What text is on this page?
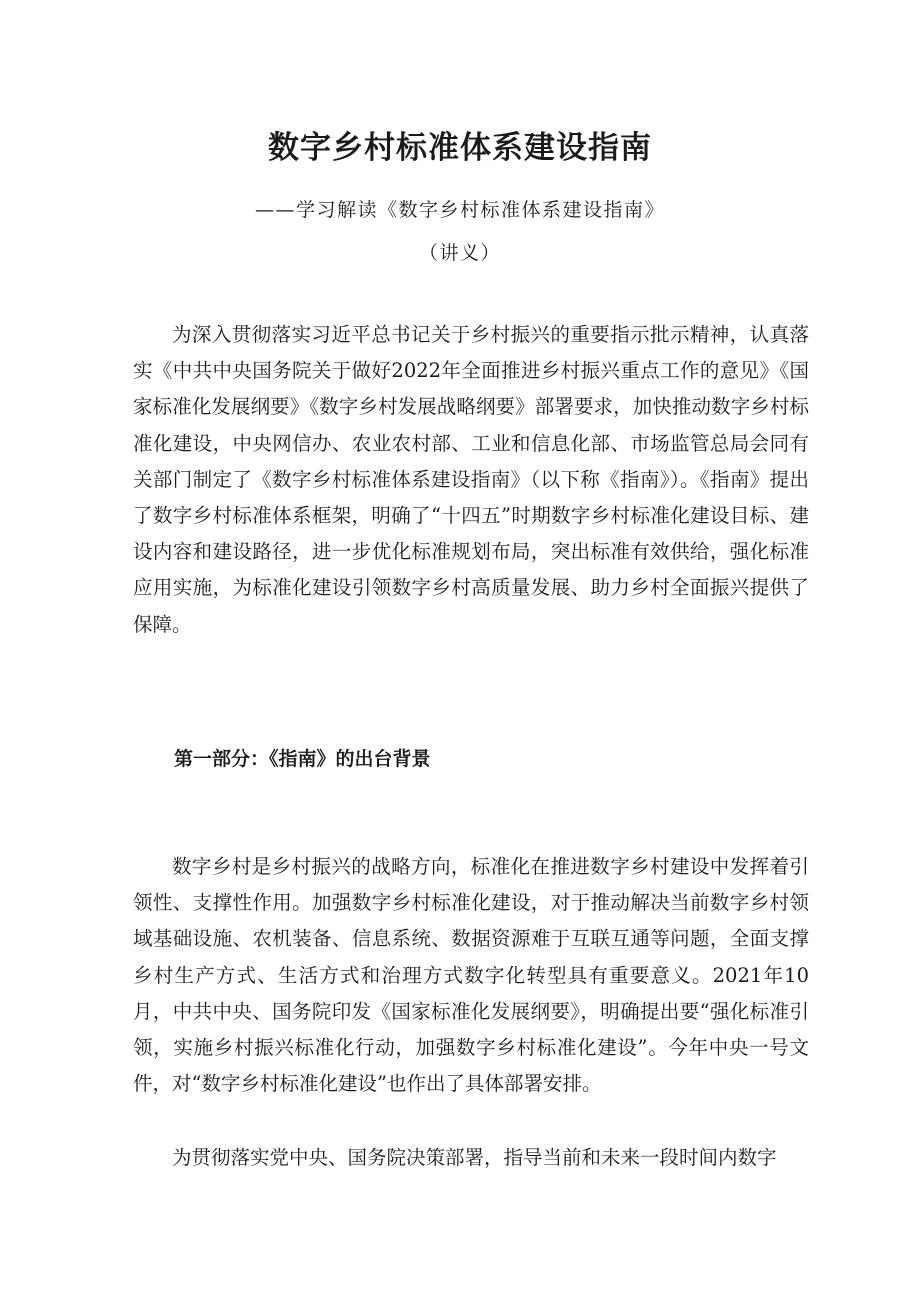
数字乡村标准体系建设指南
——学习解读《数字乡村标准体系建设指南》
（讲义）

为深入贯彻落实习近平总书记关于乡村振兴的重要指示批示精神，认真落实《中共中央国务院关于做好2022年全面推进乡村振兴重点工作的意见》《国家标准化发展纲要》《数字乡村发展战略纲要》部署要求，加快推动数字乡村标准化建设，中央网信办、农业农村部、工业和信息化部、市场监管总局会同有关部门制定了《数字乡村标准体系建设指南》（以下称《指南》）。《指南》提出了数字乡村标准体系框架，明确了“十四五”时期数字乡村标准化建设目标、建设内容和建设路径，进一步优化标准规划布局，突出标准有效供给，强化标准应用实施，为标准化建设引领数字乡村高质量发展、助力乡村全面振兴提供了保障。

第一部分：《指南》的出台背景

数字乡村是乡村振兴的战略方向，标准化在推进数字乡村建设中发挥着引领性、支撑性作用。加强数字乡村标准化建设，对于推动解决当前数字乡村领域基础设施、农机装备、信息系统、数据资源难于互联互通等问题，全面支撑乡村生产方式、生活方式和治理方式数字化转型具有重要意义。2021年10月，中共中央、国务院印发《国家标准化发展纲要》，明确提出要“强化标准引领，实施乡村振兴标准化行动，加强数字乡村标准化建设”。今年中央一号文件，对“数字乡村标准化建设”也作出了具体部署安排。

为贯彻落实党中央、国务院决策部署，指导当前和未来一段时间内数字
